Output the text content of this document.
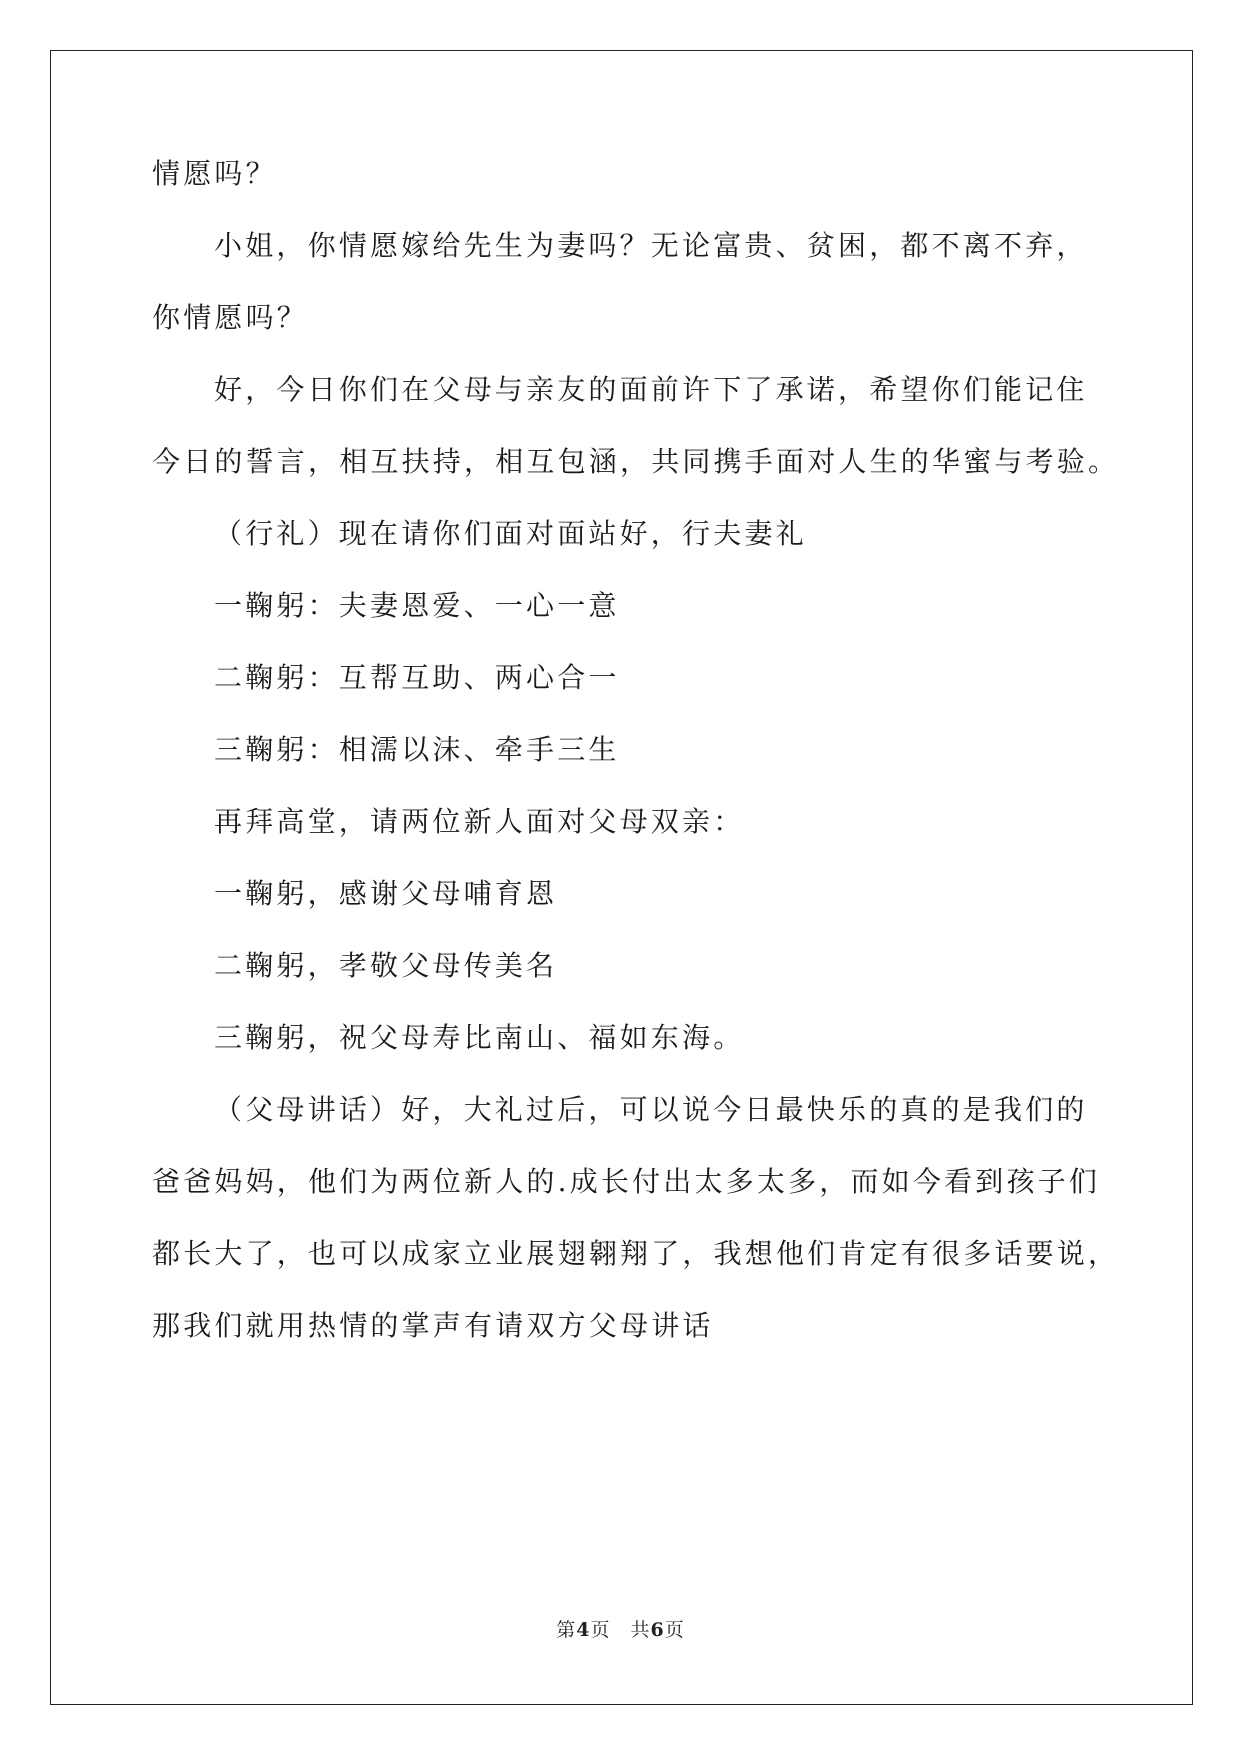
情愿吗？
小姐，你情愿嫁给先生为妻吗？无论富贵、贫困，都不离不弃，
你情愿吗？
好，今日你们在父母与亲友的面前许下了承诺，希望你们能记住
今日的誓言，相互扶持，相互包涵，共同携手面对人生的华蜜与考验。
（行礼）现在请你们面对面站好，行夫妻礼
一鞠躬：夫妻恩爱、一心一意
二鞠躬：互帮互助、两心合一
三鞠躬：相濡以沫、牵手三生
再拜高堂，请两位新人面对父母双亲：
一鞠躬，感谢父母哺育恩
二鞠躬，孝敬父母传美名
三鞠躬，祝父母寿比南山、福如东海。
（父母讲话）好，大礼过后，可以说今日最快乐的真的是我们的
爸爸妈妈，他们为两位新人的.成长付出太多太多，而如今看到孩子们
都长大了，也可以成家立业展翅翱翔了，我想他们肯定有很多话要说，
那我们就用热情的掌声有请双方父母讲话
第4页 共6页
